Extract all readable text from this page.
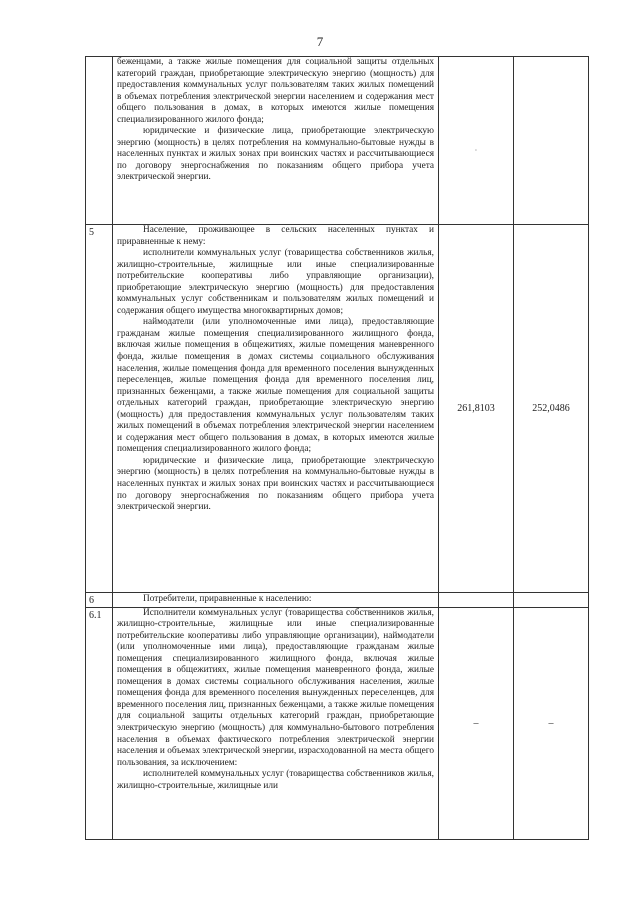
7

	беженцами, а также жилые помещения для социальной защиты отдельных категорий граждан, приобретающие электрическую энергию (мощность) для предоставления коммунальных услуг пользователям таких жилых помещений в объемах потребления электрической энергии населением и содержания мест общего пользования в домах, в которых имеются жилые помещения специализированного жилого фонда;

юридические и физические лица, приобретающие электрическую энергию (мощность) в целях потребления на коммунально-бытовые нужды в населенных пунктах и жилых зонах при воинских частях и рассчитывающиеся по договору энергоснабжения по показаниям общего прибора учета электрической энергии.	·	
5	Население, проживающее в сельских населенных пунктах и приравненные к нему:

исполнители коммунальных услуг (товарищества собственников жилья, жилищно-строительные, жилищные или иные специализированные потребительские кооперативы либо управляющие организации), приобретающие электрическую энергию (мощность) для предоставления коммунальных услуг собственникам и пользователям жилых помещений и содержания общего имущества многоквартирных домов;

наймодатели (или уполномоченные ими лица), предоставляющие гражданам жилые помещения специализированного жилищного фонда, включая жилые помещения в общежитиях, жилые помещения маневренного фонда, жилые помещения в домах системы социального обслуживания населения, жилые помещения фонда для временного поселения вынужденных переселенцев, жилые помещения фонда для временного поселения лиц, признанных беженцами, а также жилые помещения для социальной защиты отдельных категорий граждан, приобретающие электрическую энергию (мощность) для предоставления коммунальных услуг пользователям таких жилых помещений в объемах потребления электрической энергии населением и содержания мест общего пользования в домах, в которых имеются жилые помещения специализированного жилого фонда;

юридические и физические лица, приобретающие электрическую энергию (мощность) в целях потребления на коммунально-бытовые нужды в населенных пунктах и жилых зонах при воинских частях и рассчитывающиеся по договору энергоснабжения по показаниям общего прибора учета электрической энергии.	261,8103	252,0486
6	Потребители, приравненные к населению:		

6.1	Исполнители коммунальных услуг (товарищества собственников жилья, жилищно-строительные, жилищные или иные специализированные потребительские кооперативы либо управляющие организации), наймодатели (или уполномоченные ими лица), предоставляющие гражданам жилые помещения специализированного жилищного фонда, включая жилые помещения в общежитиях, жилые помещения маневренного фонда, жилые помещения в домах системы социального обслуживания населения, жилые помещения фонда для временного поселения вынужденных переселенцев, для временного поселения лиц, признанных беженцами, а также жилые помещения для социальной защиты отдельных категорий граждан, приобретающие электрическую энергию (мощность) для коммунально-бытового потребления населения в объемах фактического потребления электрической энергии населения и объемах электрической энергии, израсходованной на места общего пользования, за исключением:

исполнителей коммунальных услуг (товарищества собственников жилья, жилищно-строительные, жилищные или	–	–
